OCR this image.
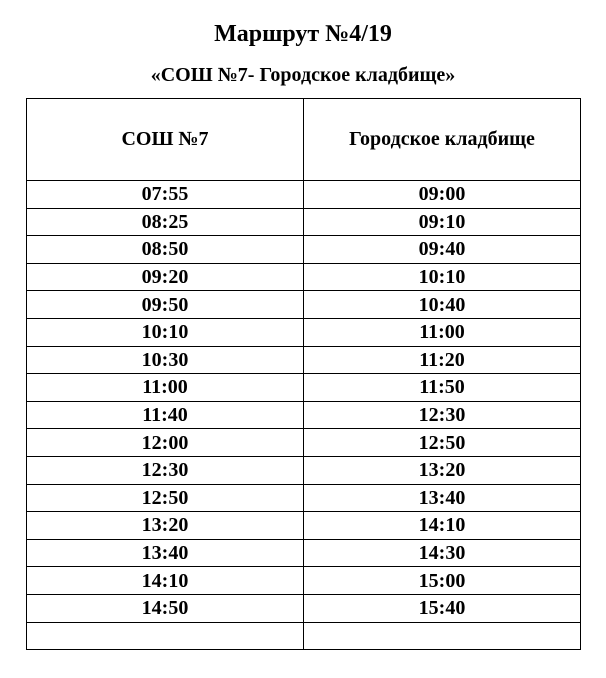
Маршрут №4/19
«СОШ №7- Городское кладбище»
СОШ №7	Городское кладбище
07:55	09:00
08:25	09:10
08:50	09:40
09:20	10:10
09:50	10:40
10:10	11:00
10:30	11:20
11:00	11:50
11:40	12:30
12:00	12:50
12:30	13:20
12:50	13:40
13:20	14:10
13:40	14:30
14:10	15:00
14:50	15:40
